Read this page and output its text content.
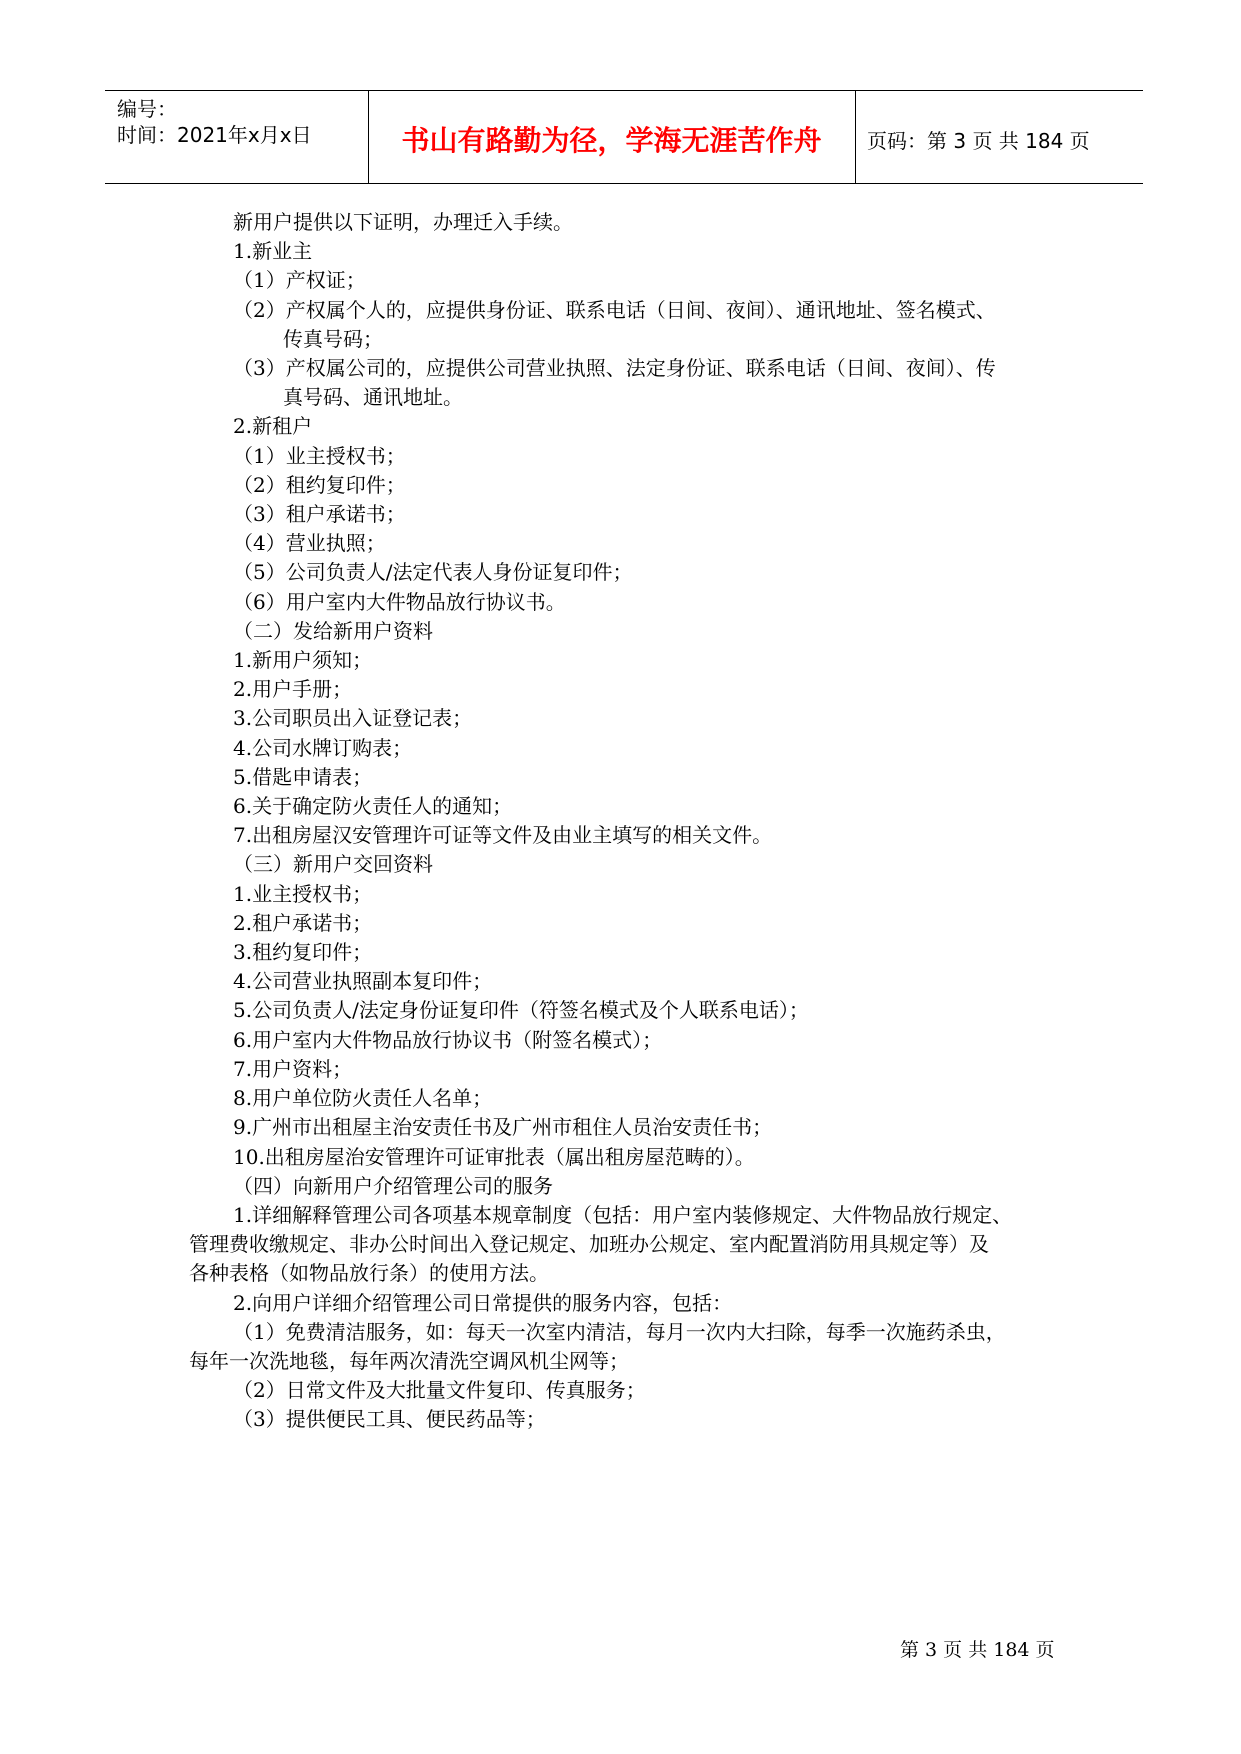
编号：
时间：2021年x月x日	书山有路勤为径，学海无涯苦作舟	页码：第 3 页 共 184 页
新用户提供以下证明，办理迁入手续。
1.新业主
（1）产权证；
（2）产权属个人的，应提供身份证、联系电话（日间、夜间）、通讯地址、签名模式、
传真号码；
（3）产权属公司的，应提供公司营业执照、法定身份证、联系电话（日间、夜间）、传
真号码、通讯地址。
2.新租户
（1）业主授权书；
（2）租约复印件；
（3）租户承诺书；
（4）营业执照；
（5）公司负责人/法定代表人身份证复印件；
（6）用户室内大件物品放行协议书。
（二）发给新用户资料
1.新用户须知；
2.用户手册；
3.公司职员出入证登记表；
4.公司水牌订购表；
5.借匙申请表；
6.关于确定防火责任人的通知；
7.出租房屋汉安管理许可证等文件及由业主填写的相关文件。
（三）新用户交回资料
1.业主授权书；
2.租户承诺书；
3.租约复印件；
4.公司营业执照副本复印件；
5.公司负责人/法定身份证复印件（符签名模式及个人联系电话）；
6.用户室内大件物品放行协议书（附签名模式）；
7.用户资料；
8.用户单位防火责任人名单；
9.广州市出租屋主治安责任书及广州市租住人员治安责任书；
10.出租房屋治安管理许可证审批表（属出租房屋范畴的）。
（四）向新用户介绍管理公司的服务
1.详细解释管理公司各项基本规章制度（包括：用户室内装修规定、大件物品放行规定、
管理费收缴规定、非办公时间出入登记规定、加班办公规定、室内配置消防用具规定等）及
各种表格（如物品放行条）的使用方法。
2.向用户详细介绍管理公司日常提供的服务内容，包括：
（1）免费清洁服务，如：每天一次室内清洁，每月一次内大扫除，每季一次施药杀虫，
每年一次洗地毯，每年两次清洗空调风机尘网等；
（2）日常文件及大批量文件复印、传真服务；
（3）提供便民工具、便民药品等；
第 3 页 共 184 页
